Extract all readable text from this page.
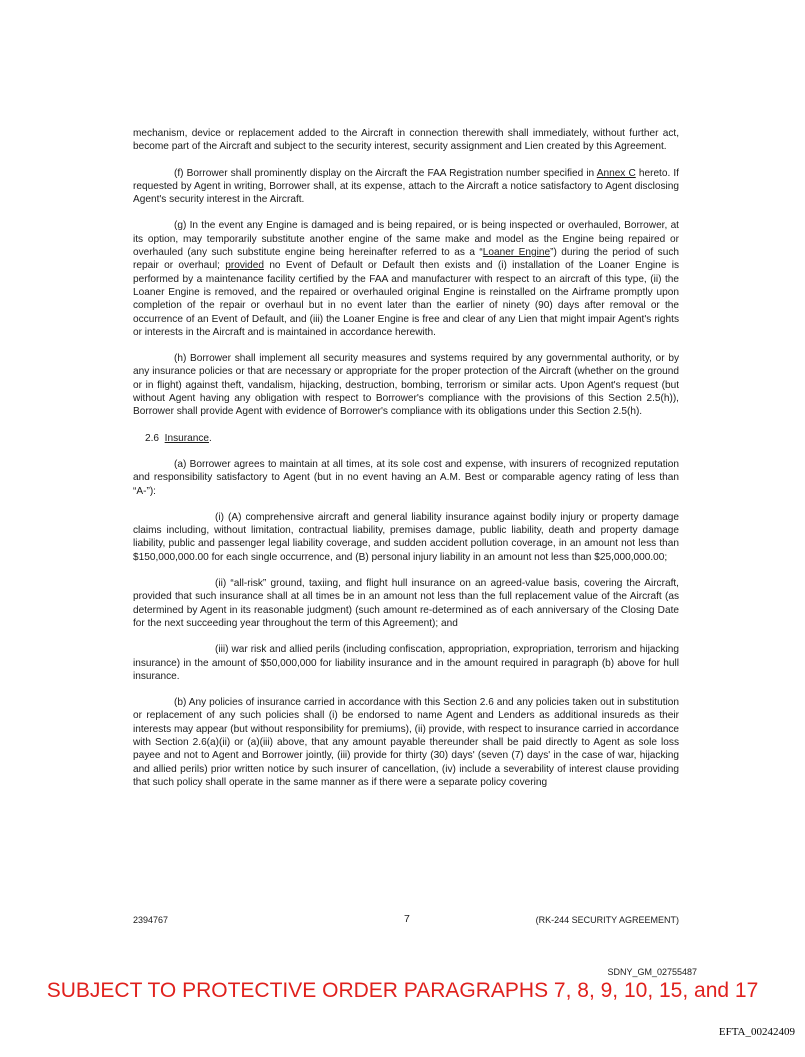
mechanism, device or replacement added to the Aircraft in connection therewith shall immediately, without further act, become part of the Aircraft and subject to the security interest, security assignment and Lien created by this Agreement.

(f) Borrower shall prominently display on the Aircraft the FAA Registration number specified in Annex C hereto. If requested by Agent in writing, Borrower shall, at its expense, attach to the Aircraft a notice satisfactory to Agent disclosing Agent's security interest in the Aircraft.

(g) In the event any Engine is damaged and is being repaired, or is being inspected or overhauled, Borrower, at its option, may temporarily substitute another engine of the same make and model as the Engine being repaired or overhauled (any such substitute engine being hereinafter referred to as a “Loaner Engine”) during the period of such repair or overhaul; provided no Event of Default or Default then exists and (i) installation of the Loaner Engine is performed by a maintenance facility certified by the FAA and manufacturer with respect to an aircraft of this type, (ii) the Loaner Engine is removed, and the repaired or overhauled original Engine is reinstalled on the Airframe promptly upon completion of the repair or overhaul but in no event later than the earlier of ninety (90) days after removal or the occurrence of an Event of Default, and (iii) the Loaner Engine is free and clear of any Lien that might impair Agent's rights or interests in the Aircraft and is maintained in accordance herewith.

(h) Borrower shall implement all security measures and systems required by any governmental authority, or by any insurance policies or that are necessary or appropriate for the proper protection of the Aircraft (whether on the ground or in flight) against theft, vandalism, hijacking, destruction, bombing, terrorism or similar acts. Upon Agent's request (but without Agent having any obligation with respect to Borrower's compliance with the provisions of this Section 2.5(h)), Borrower shall provide Agent with evidence of Borrower's compliance with its obligations under this Section 2.5(h).

2.6 Insurance.

(a) Borrower agrees to maintain at all times, at its sole cost and expense, with insurers of recognized reputation and responsibility satisfactory to Agent (but in no event having an A.M. Best or comparable agency rating of less than “A-”):

(i) (A) comprehensive aircraft and general liability insurance against bodily injury or property damage claims including, without limitation, contractual liability, premises damage, public liability, death and property damage liability, public and passenger legal liability coverage, and sudden accident pollution coverage, in an amount not less than $150,000,000.00 for each single occurrence, and (B) personal injury liability in an amount not less than $25,000,000.00;

(ii) “all-risk” ground, taxiing, and flight hull insurance on an agreed-value basis, covering the Aircraft, provided that such insurance shall at all times be in an amount not less than the full replacement value of the Aircraft (as determined by Agent in its reasonable judgment) (such amount re-determined as of each anniversary of the Closing Date for the next succeeding year throughout the term of this Agreement); and

(iii) war risk and allied perils (including confiscation, appropriation, expropriation, terrorism and hijacking insurance) in the amount of $50,000,000 for liability insurance and in the amount required in paragraph (b) above for hull insurance.

(b) Any policies of insurance carried in accordance with this Section 2.6 and any policies taken out in substitution or replacement of any such policies shall (i) be endorsed to name Agent and Lenders as additional insureds as their interests may appear (but without responsibility for premiums), (ii) provide, with respect to insurance carried in accordance with Section 2.6(a)(ii) or (a)(iii) above, that any amount payable thereunder shall be paid directly to Agent as sole loss payee and not to Agent and Borrower jointly, (iii) provide for thirty (30) days' (seven (7) days' in the case of war, hijacking and allied perils) prior written notice by such insurer of cancellation, (iv) include a severability of interest clause providing that such policy shall operate in the same manner as if there were a separate policy covering

2394767	7	(RK-244 SECURITY AGREEMENT)
SDNY_GM_02755487
SUBJECT TO PROTECTIVE ORDER PARAGRAPHS 7, 8, 9, 10, 15, and 17
EFTA_00242409
